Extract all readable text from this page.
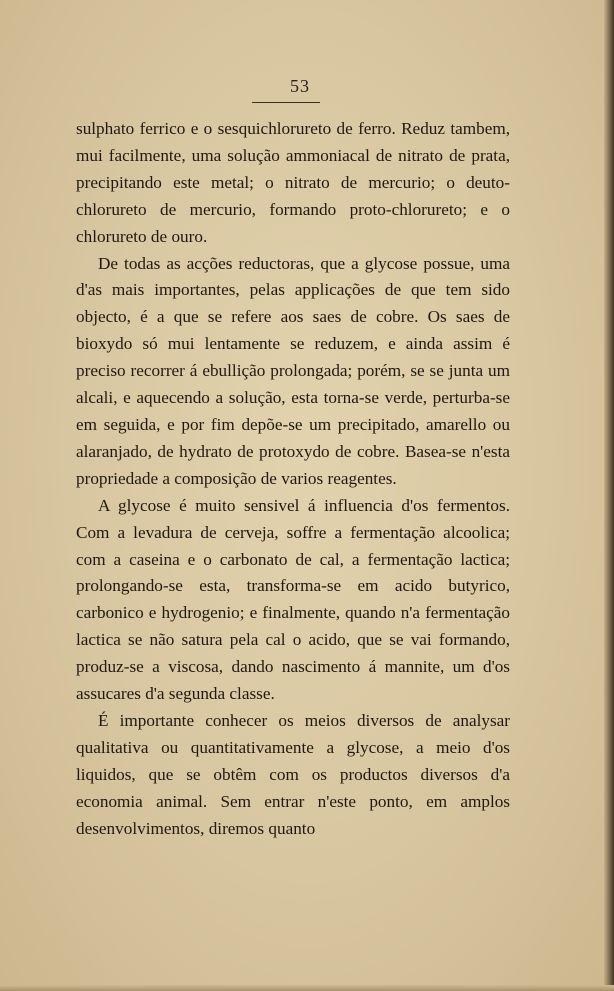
53

sulphato ferrico e o sesquichlorureto de ferro. Reduz tambem, mui facilmente, uma solução ammoniacal de nitrato de prata, precipitando este metal; o nitrato de mercurio; o deuto-chlorureto de mercurio, formando proto-chlorureto; e o chlorureto de ouro.

De todas as acções reductoras, que a glycose possue, uma d'as mais importantes, pelas applicações de que tem sido objecto, é a que se refere aos saes de cobre. Os saes de bioxydo só mui lentamente se reduzem, e ainda assim é preciso recorrer á ebullição prolongada; porém, se se junta um alcali, e aquecendo a solução, esta torna-se verde, perturba-se em seguida, e por fim depõe-se um precipitado, amarello ou alaranjado, de hydrato de protoxydo de cobre. Basea-se n'esta propriedade a composição de varios reagentes.

A glycose é muito sensivel á influencia d'os fermentos. Com a levadura de cerveja, soffre a fermentação alcoolica; com a caseina e o carbonato de cal, a fermentação lactica; prolongando-se esta, transforma-se em acido butyrico, carbonico e hydrogenio; e finalmente, quando n'a fermentação lactica se não satura pela cal o acido, que se vai formando, produz-se a viscosa, dando nascimento á mannite, um d'os assucares d'a segunda classe.

É importante conhecer os meios diversos de analysar qualitativa ou quantitativamente a glycose, a meio d'os liquidos, que se obtêm com os productos diversos d'a economia animal. Sem entrar n'este ponto, em amplos desenvolvimentos, diremos quanto
